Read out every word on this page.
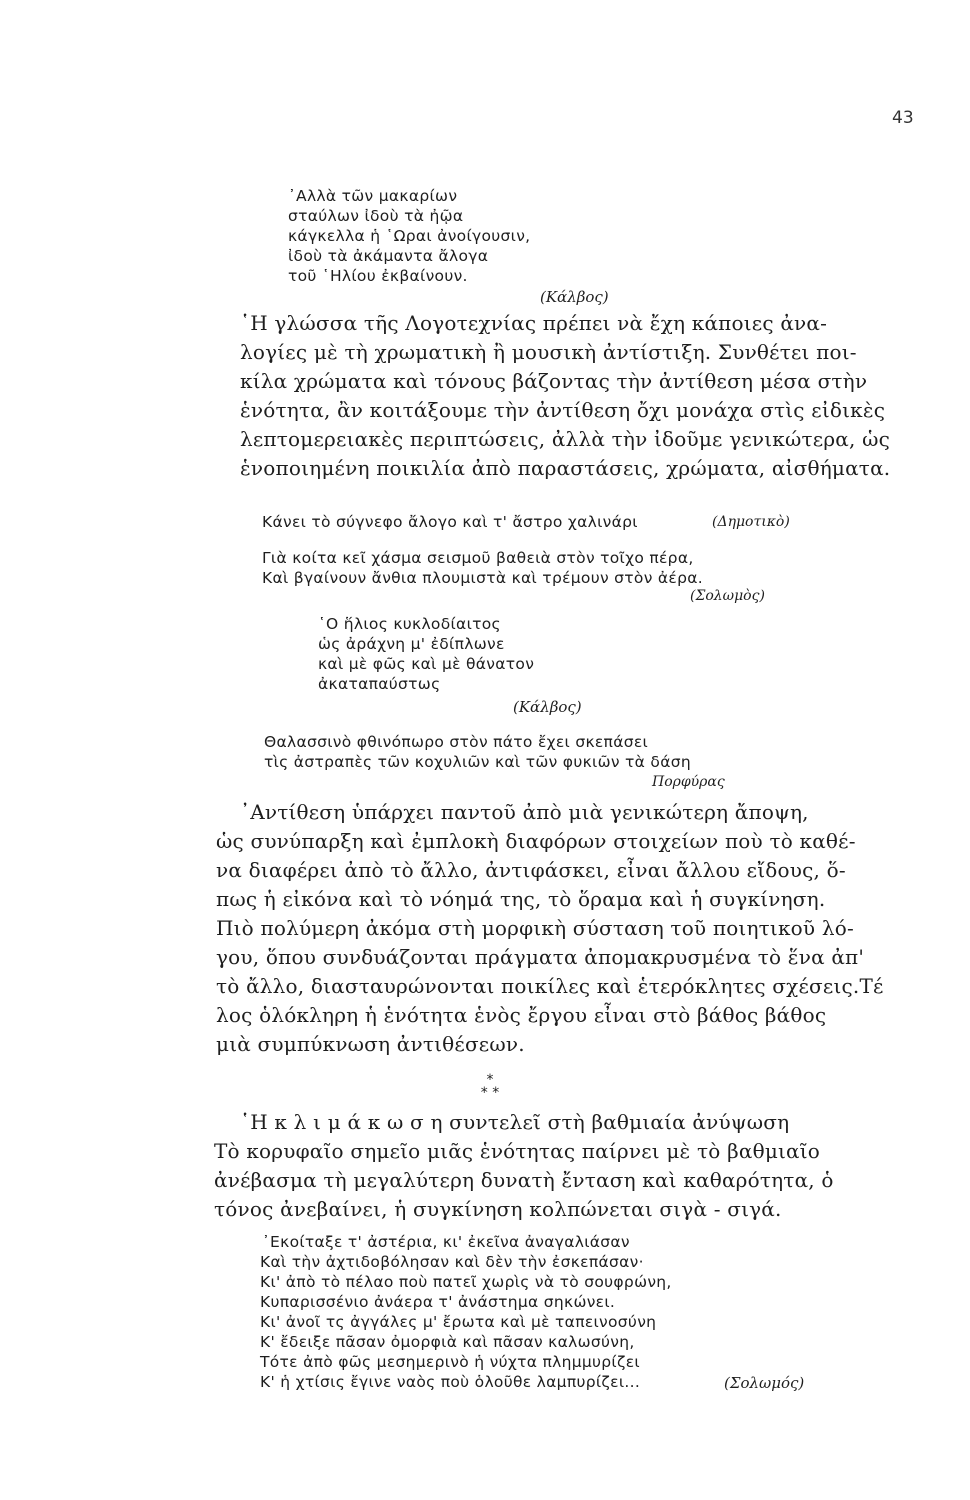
43
᾿Αλλὰ τῶν μακαρίων
σταύλων ἰδοὺ τὰ ἠῷα
κάγκελλα ἡ ῾Ωραι ἀνοίγουσιν,
ἰδοὺ τὰ ἀκάμαντα ἄλογα
τοῦ ῾Ηλίου ἐκβαίνουν.
(Κάλβος)
῾Η γλώσσα τῆς Λογοτεχνίας πρέπει νὰ ἔχη κάποιες ἀνα-
λογίες μὲ τὴ χρωματικὴ ἢ μουσικὴ ἀντίστιξη. Συνθέτει ποι-
κίλα χρώματα καὶ τόνους βάζοντας τὴν ἀντίθεση μέσα στὴν
ἑνότητα, ἂν κοιτάξουμε τὴν ἀντίθεση ὄχι μονάχα στὶς εἰδικὲς
λεπτομερειακὲς περιπτώσεις, ἀλλὰ τὴν ἰδοῦμε γενικώτερα, ὡς
ἑνοποιημένη ποικιλία ἀπὸ παραστάσεις, χρώματα, αἰσθήματα.
Κάνει τὸ σύγνεφο ἄλογο καὶ τ' ἄστρο χαλινάρι	(Δημοτικὸ)
Γιὰ κοίτα κεῖ χάσμα σεισμοῦ βαθειὰ στὸν τοῖχο πέρα,
Καὶ βγαίνουν ἄνθια πλουμιστὰ καὶ τρέμουν στὸν ἀέρα.
(Σολωμὸς)
῾Ο ἥλιος κυκλοδίαιτος
ὡς ἀράχνη μ' ἐδίπλωνε
καὶ μὲ φῶς καὶ μὲ θάνατον
ἀκαταπαύστως
(Κάλβος)
Θαλασσινὸ φθινόπωρο στὸν πάτο ἔχει σκεπάσει
τὶς ἀστραπὲς τῶν κοχυλιῶν καὶ τῶν φυκιῶν τὰ δάση
Πορφύρας
᾿Αντίθεση ὑπάρχει παντοῦ ἀπὸ μιὰ γενικώτερη ἄποψη,
ὡς συνύπαρξη καὶ ἐμπλοκὴ διαφόρων στοιχείων ποὺ τὸ καθέ-
να διαφέρει ἀπὸ τὸ ἄλλο, ἀντιφάσκει, εἶναι ἄλλου εἴδους, ὅ-
πως ἡ εἰκόνα καὶ τὸ νόημά της, τὸ ὅραμα καὶ ἡ συγκίνηση.
Πιὸ πολύμερη ἀκόμα στὴ μορφικὴ σύσταση τοῦ ποιητικοῦ λό-
γου, ὅπου συνδυάζονται πράγματα ἀπομακρυσμένα τὸ ἕνα ἀπ'
τὸ ἄλλο, διασταυρώνονται ποικίλες καὶ ἑτερόκλητες σχέσεις.Τέ
λος ὁλόκληρη ἡ ἑνότητα ἑνὸς ἔργου εἶναι στὸ βάθος βάθος
μιὰ συμπύκνωση ἀντιθέσεων.
*
* *
῾Η κ λ ι μ ά κ ω σ η συντελεῖ στὴ βαθμιαία ἀνύψωση
Τὸ κορυφαῖο σημεῖο μιᾶς ἑνότητας παίρνει μὲ τὸ βαθμιαῖο
ἀνέβασμα τὴ μεγαλύτερη δυνατὴ ἔνταση καὶ καθαρότητα, ὁ
τόνος ἀνεβαίνει, ἡ συγκίνηση κολπώνεται σιγὰ - σιγά.
᾿Εκοίταξε τ' ἀστέρια, κι' ἐκεῖνα ἀναγαλιάσαν
Καὶ τὴν ἀχτιδοβόλησαν καὶ δὲν τὴν ἐσκεπάσαν·
Κι' ἀπὸ τὸ πέλαο ποὺ πατεῖ χωρὶς νὰ τὸ σουφρώνη,
Κυπαρισσένιο ἀνάερα τ' ἀνάστημα σηκώνει.
Κι' ἀνοῖ τς ἀγγάλες μ' ἔρωτα καὶ μὲ ταπεινοσύνη
Κ' ἔδειξε πᾶσαν ὀμορφιὰ καὶ πᾶσαν καλωσύνη,
Τότε ἀπὸ φῶς μεσημερινὸ ἡ νύχτα πλημμυρίζει
Κ' ἡ χτίσις ἔγινε ναὸς ποὺ ὁλοῦθε λαμπυρίζει...	(Σολωμός)
